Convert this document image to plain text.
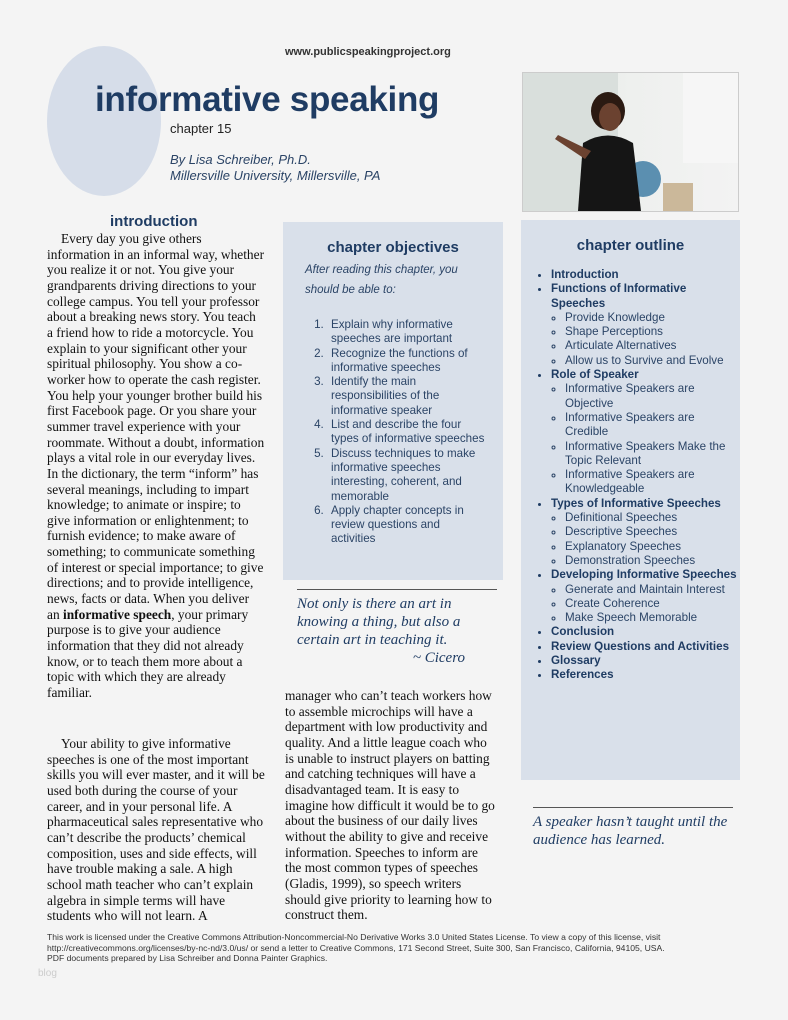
www.publicspeakingproject.org
informative speaking
chapter 15
By Lisa Schreiber, Ph.D.
Millersville University, Millersville, PA
introduction

Every day you give others information in an informal way, whether you realize it or not. You give your grandparents driving directions to your college campus. You tell your professor about a breaking news story. You teach a friend how to ride a motorcycle. You explain to your significant other your spiritual philosophy. You show a co-worker how to operate the cash register. You help your younger brother build his first Facebook page. Or you share your summer travel experience with your roommate. Without a doubt, information plays a vital role in our everyday lives. In the dictionary, the term “inform” has several meanings, including to impart knowledge; to animate or inspire; to give information or enlightenment; to furnish evidence; to make aware of something; to communicate something of interest or special importance; to give directions; and to provide intelligence, news, facts or data. When you deliver an informative speech, your primary purpose is to give your audience information that they did not already know, or to teach them more about a topic with which they are already familiar.

Your ability to give informative speeches is one of the most important skills you will ever master, and it will be used both during the course of your career, and in your personal life. A pharmaceutical sales representative who can’t describe the products’ chemical composition, uses and side effects, will have trouble making a sale. A high school math teacher who can’t explain algebra in simple terms will have students who will not learn. A

manager who can’t teach workers how to assemble microchips will have a department with low productivity and quality. And a little league coach who is unable to instruct players on batting and catching techniques will have a disadvantaged team. It is easy to imagine how difficult it would be to go about the business of our daily lives without the ability to give and receive information. Speeches to inform are the most common types of speeches (Gladis, 1999), so speech writers should give priority to learning how to construct them.

chapter objectives
After reading this chapter, you should be able to:
1. Explain why informative speeches are important
2. Recognize the functions of informative speeches
3. Identify the main responsibilities of the informative speaker
4. List and describe the four types of informative speeches
5. Discuss techniques to make informative speeches interesting, coherent, and memorable
6. Apply chapter concepts in review questions and activities
chapter outline
• Introduction
• Functions of Informative Speeches
◦ Provide Knowledge
◦ Shape Perceptions
◦ Articulate Alternatives
◦ Allow us to Survive and Evolve
• Role of Speaker
◦ Informative Speakers are Objective
◦ Informative Speakers are Credible
◦ Informative Speakers Make the Topic Relevant
◦ Informative Speakers are Knowledgeable
• Types of Informative Speeches
◦ Definitional Speeches
◦ Descriptive Speeches
◦ Explanatory Speeches
◦ Demonstration Speeches
• Developing Informative Speeches
◦ Generate and Maintain Interest
◦ Create Coherence
◦ Make Speech Memorable
• Conclusion
• Review Questions and Activities
• Glossary
• References
Not only is there an art in knowing a thing, but also a certain art in teaching it.
~ Cicero
A speaker hasn’t taught until the audience has learned.
This work is licensed under the Creative Commons Attribution-Noncommercial-No Derivative Works 3.0 United States License. To view a copy of this license, visit http://creativecommons.org/licenses/by-nc-nd/3.0/us/ or send a letter to Creative Commons, 171 Second Street, Suite 300, San Francisco, California, 94105, USA.
PDF documents prepared by Lisa Schreiber and Donna Painter Graphics.
blog
